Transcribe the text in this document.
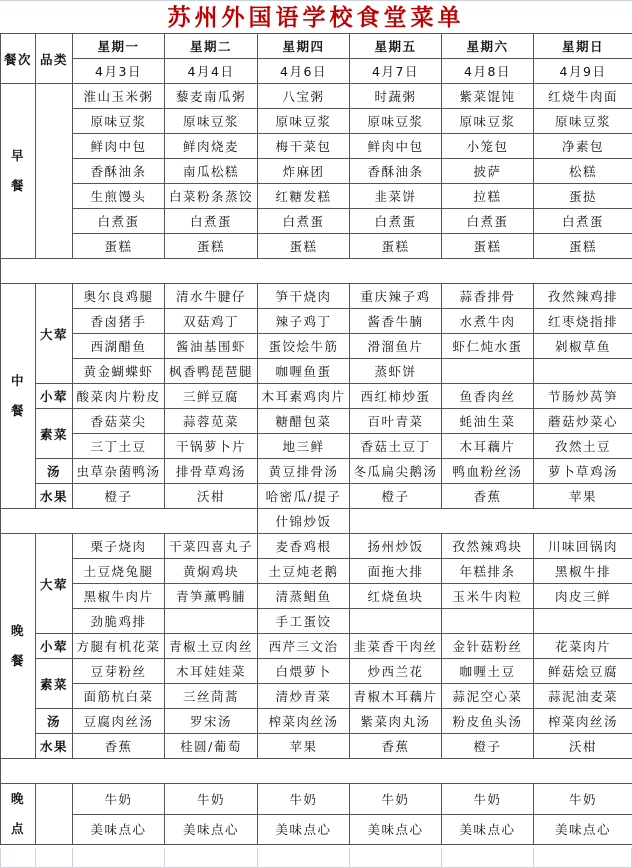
苏州外国语学校食堂菜单
餐次	品类	星期一	星期二	星期四	星期五	星期六	星期日
		4月3日	4月4日	4月6日	4月7日	4月8日	4月9日
早
餐		淮山玉米粥	藜麦南瓜粥	八宝粥	时蔬粥	紫菜馄饨	红烧牛肉面
		原味豆浆	原味豆浆	原味豆浆	原味豆浆	原味豆浆	原味豆浆
		鲜肉中包	鲜肉烧麦	梅干菜包	鲜肉中包	小笼包	净素包
		香酥油条	南瓜松糕	炸麻团	香酥油条	披萨	松糕
		生煎馒头	白菜粉条蒸饺	红糖发糕	韭菜饼	拉糕	蛋挞
		白煮蛋	白煮蛋	白煮蛋	白煮蛋	白煮蛋	白煮蛋
		蛋糕	蛋糕	蛋糕	蛋糕	蛋糕	蛋糕

中
餐	大荤	奥尔良鸡腿	清水牛腱仔	笋干烧肉	重庆辣子鸡	蒜香排骨	孜然辣鸡排
		香卤猪手	双菇鸡丁	辣子鸡丁	酱香牛腩	水煮牛肉	红枣烧指排
		西湖醋鱼	酱油基围虾	蛋饺烩牛筋	滑溜鱼片	虾仁炖水蛋	剁椒草鱼
		黄金蝴蝶虾	枫香鸭琵琶腿	咖喱鱼蛋	蒸虾饼		
	小荤	酸菜肉片粉皮	三鲜豆腐	木耳素鸡肉片	西红柿炒蛋	鱼香肉丝	节肠炒莴笋
	素菜	香菇菜尖	蒜蓉苋菜	糖醋包菜	百叶青菜	蚝油生菜	蘑菇炒菜心
		三丁土豆	干锅萝卜片	地三鲜	香菇土豆丁	木耳藕片	孜然土豆
	汤	虫草杂菌鸭汤	排骨草鸡汤	黄豆排骨汤	冬瓜扁尖鹅汤	鸭血粉丝汤	萝卜草鸡汤
	水果	橙子	沃柑	哈密瓜/提子	橙子	香蕉	苹果
				什锦炒饭			
晚
餐	大荤	栗子烧肉	干菜四喜丸子	麦香鸡根	扬州炒饭	孜然辣鸡块	川味回锅肉
		土豆烧兔腿	黄焖鸡块	土豆炖老鹅	面拖大排	年糕排条	黑椒牛排
		黑椒牛肉片	青笋薰鸭脯	清蒸鲳鱼	红烧鱼块	玉米牛肉粒	肉皮三鲜
		劲脆鸡排		手工蛋饺			
	小荤	方腿有机花菜	青椒土豆肉丝	西芹三文治	韭菜香干肉丝	金针菇粉丝	花菜肉片
	素菜	豆芽粉丝	木耳娃娃菜	白煨萝卜	炒西兰花	咖喱土豆	鲜菇烩豆腐
		面筋杭白菜	三丝茼蒿	清炒青菜	青椒木耳藕片	蒜泥空心菜	蒜泥油麦菜
	汤	豆腐肉丝汤	罗宋汤	榨菜肉丝汤	紫菜肉丸汤	粉皮鱼头汤	榨菜肉丝汤
	水果	香蕉	桂圆/葡萄	苹果	香蕉	橙子	沃柑

晚
点		牛奶	牛奶	牛奶	牛奶	牛奶	牛奶
		美味点心	美味点心	美味点心	美味点心	美味点心	美味点心
